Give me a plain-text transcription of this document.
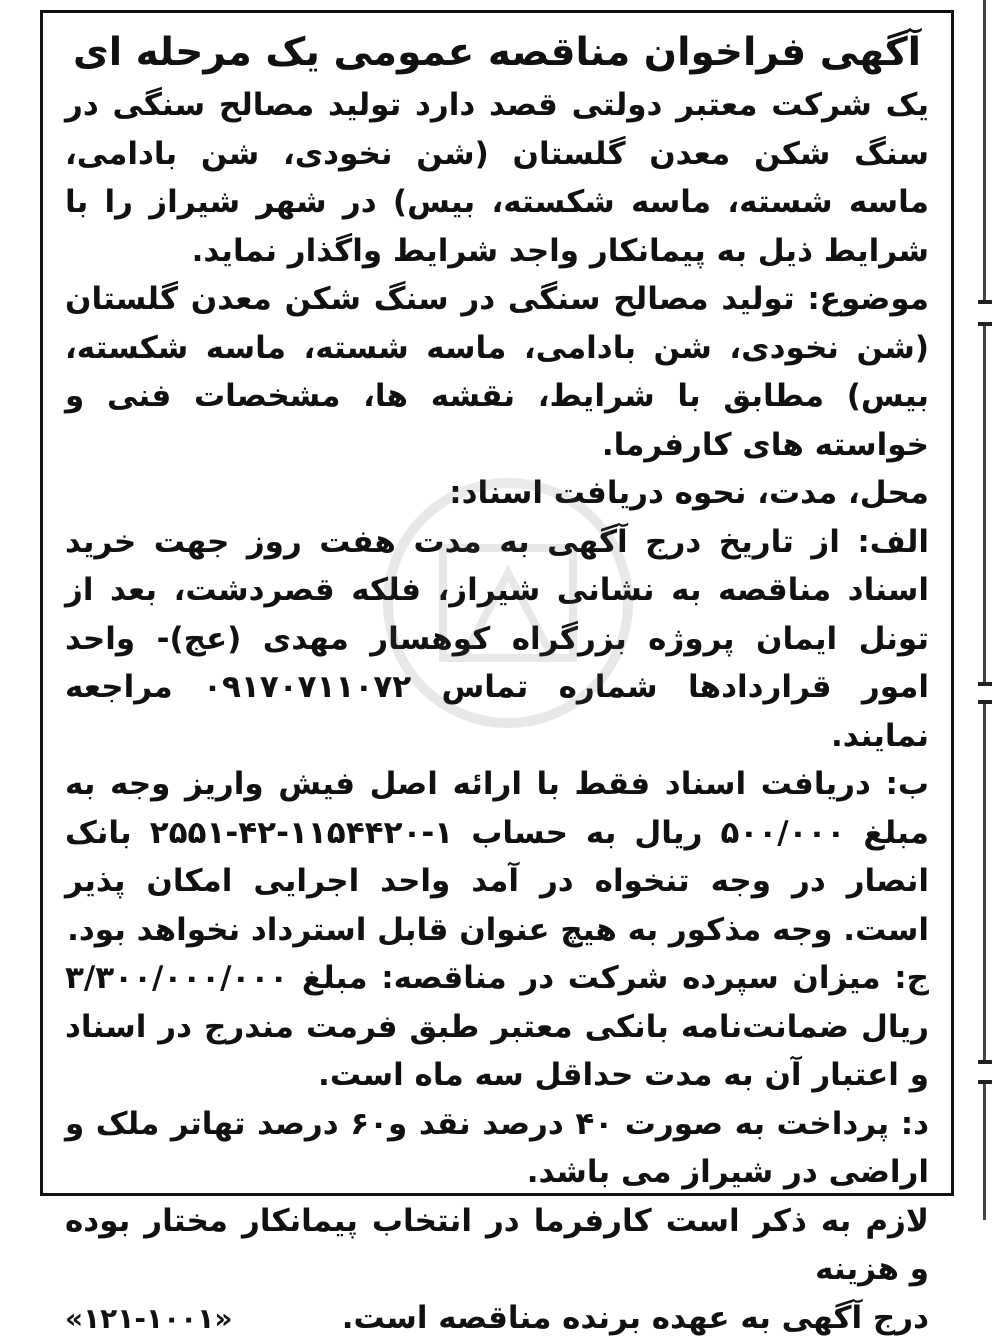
آگهی فراخوان مناقصه عمومی یک مرحله ای

یک شرکت معتبر دولتی قصد دارد تولید مصالح سنگی در سنگ شکن معدن گلستان (شن نخودی، شن بادامی، ماسه شسته، ماسه شکسته، بیس) در شهر شیراز را با شرایط ذیل به پیمانکار واجد شرایط واگذار نماید.

موضوع: تولید مصالح سنگی در سنگ شکن معدن گلستان (شن نخودی، شن بادامی، ماسه شسته، ماسه شکسته، بیس) مطابق با شرایط، نقشه ها، مشخصات فنی و خواسته های کارفرما.

محل، مدت، نحوه دریافت اسناد:

الف: از تاریخ درج آگهی به مدت هفت روز جهت خرید اسناد مناقصه به نشانی شیراز، فلکه قصردشت، بعد از تونل ایمان پروژه بزرگراه کوهسار مهدی (عج)- واحد امور قراردادها شماره تماس ۰۹۱۷۰۷۱۱۰۷۲ مراجعه نمایند.

ب: دریافت اسناد فقط با ارائه اصل فیش واریز وجه به مبلغ ۵۰۰/۰۰۰ ریال به حساب ۱-۱۱۵۴۴۲۰-۴۲-۲۵۵۱ بانک انصار در وجه تنخواه در آمد واحد اجرایی امکان پذیر است. وجه مذکور به هیچ عنوان قابل استرداد نخواهد بود.

ج: میزان سپرده شرکت در مناقصه: مبلغ ۳/۳۰۰/۰۰۰/۰۰۰ ریال ضمانت‌نامه بانکی معتبر طبق فرمت مندرج در اسناد و اعتبار آن به مدت حداقل سه ماه است.

د: پرداخت به صورت ۴۰ درصد نقد و۶۰ درصد تهاتر ملک و اراضی در شیراز می باشد.

لازم به ذکر است کارفرما در انتخاب پیمانکار مختار بوده و هزینه

درج آگهی به عهده برنده مناقصه است.
«۱۲۱-۱۰۰۱»
